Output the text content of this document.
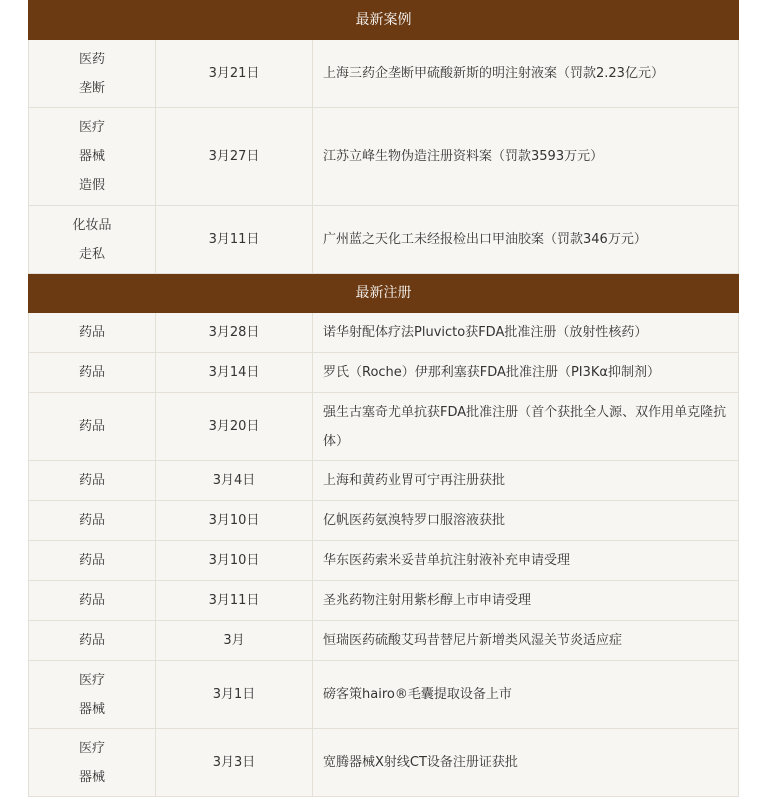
最新案例		

医药
垄断	3月21日	上海三药企垄断甲硫酸新斯的明注射液案（罚款2.23亿元）

医疗
器械
造假	3月27日	江苏立峰生物伪造注册资料案（罚款3593万元）

化妆品
走私	3月11日	广州蓝之天化工未经报检出口甲油胶案（罚款346万元）
最新注册		

药品	3月28日	诺华射配体疗法Pluvicto获FDA批准注册（放射性核药）

药品	3月14日	罗氏（Roche）伊那利塞获FDA批准注册（PI3Kα抑制剂）

药品	3月20日	强生古塞奇尤单抗获FDA批准注册（首个获批全人源、双作用单克隆抗体）

药品	3月4日	上海和黄药业胃可宁再注册获批

药品	3月10日	亿帆医药氨溴特罗口服溶液获批

药品	3月10日	华东医药索米妥昔单抗注射液补充申请受理

药品	3月11日	圣兆药物注射用紫杉醇上市申请受理

药品	3月	恒瑞医药硫酸艾玛昔替尼片新增类风湿关节炎适应症

医疗
器械	3月1日	磅客策hairo®毛囊提取设备上市

医疗
器械	3月3日	宽腾器械X射线CT设备注册证获批
